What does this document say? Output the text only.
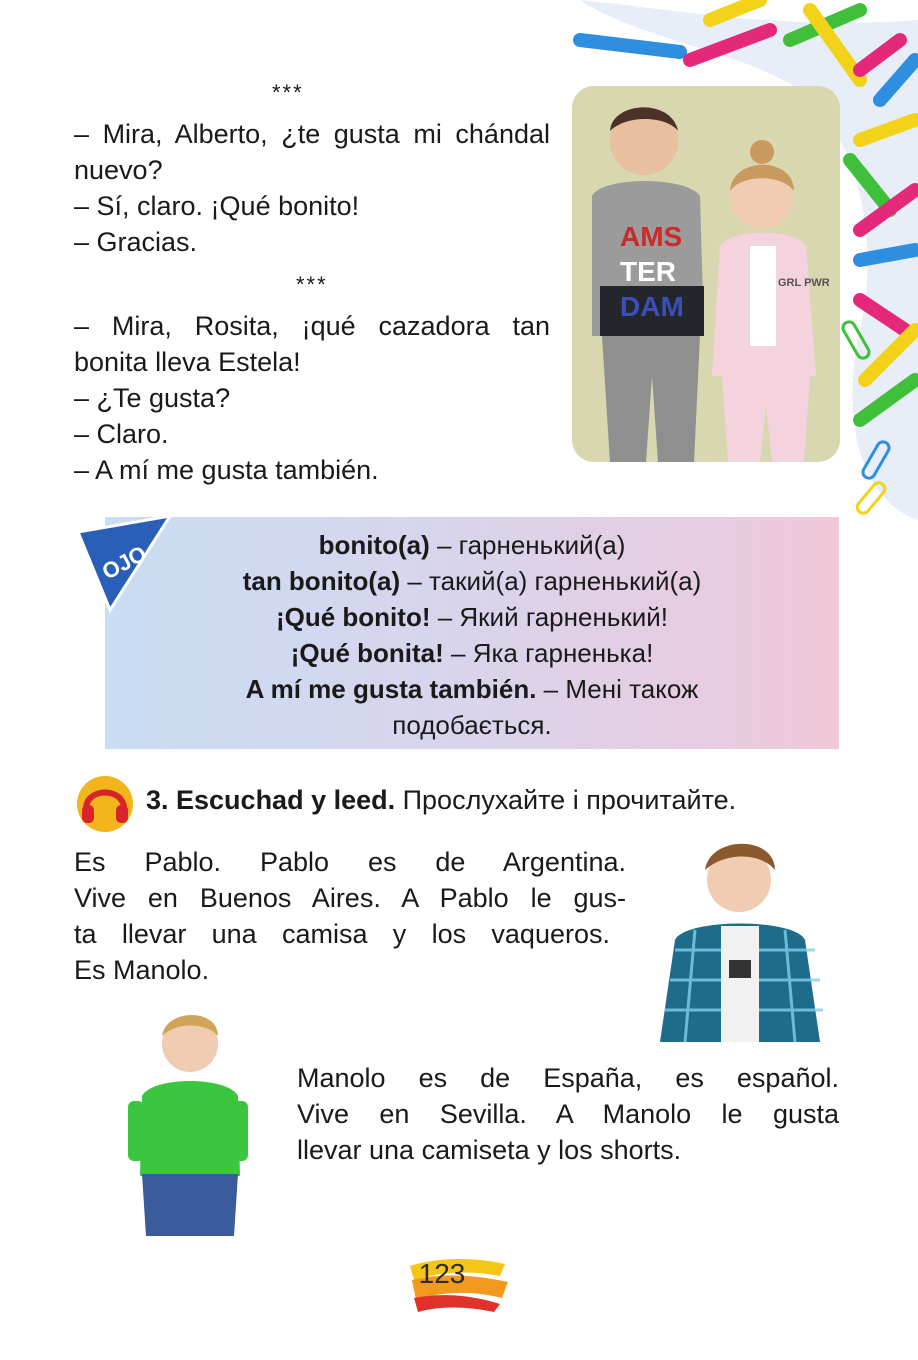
***

– Mira, Alberto, ¿te gusta mi chándal nuevo?

– Sí, claro. ¡Qué bonito!

– Gracias.

***

– Mira, Rosita, ¡qué cazadora tan bonita lleva Estela!

– ¿Te gusta?

– Claro.

– A mí me gusta también.

AMS
TER
DAM
GRL PWR
bonito(a) – гарненький(а)
tan bonito(a) – такий(а) гарненький(а)
¡Qué bonito! – Який гарненький!
¡Qué bonita! – Яка гарненька!
A mí me gusta también. – Мені також
подобається.
OJO
3. Escuchad y leed. Прослухайте і прочитайте.
Es Pablo. Pablo es de Argentina.
Vive en Buenos Aires. A Pablo le gus-
ta llevar una camisa y los vaqueros.
Es Manolo.
Manolo es de España, es español.
Vive en Sevilla. A Manolo le gusta
llevar una camiseta y los shorts.
123
